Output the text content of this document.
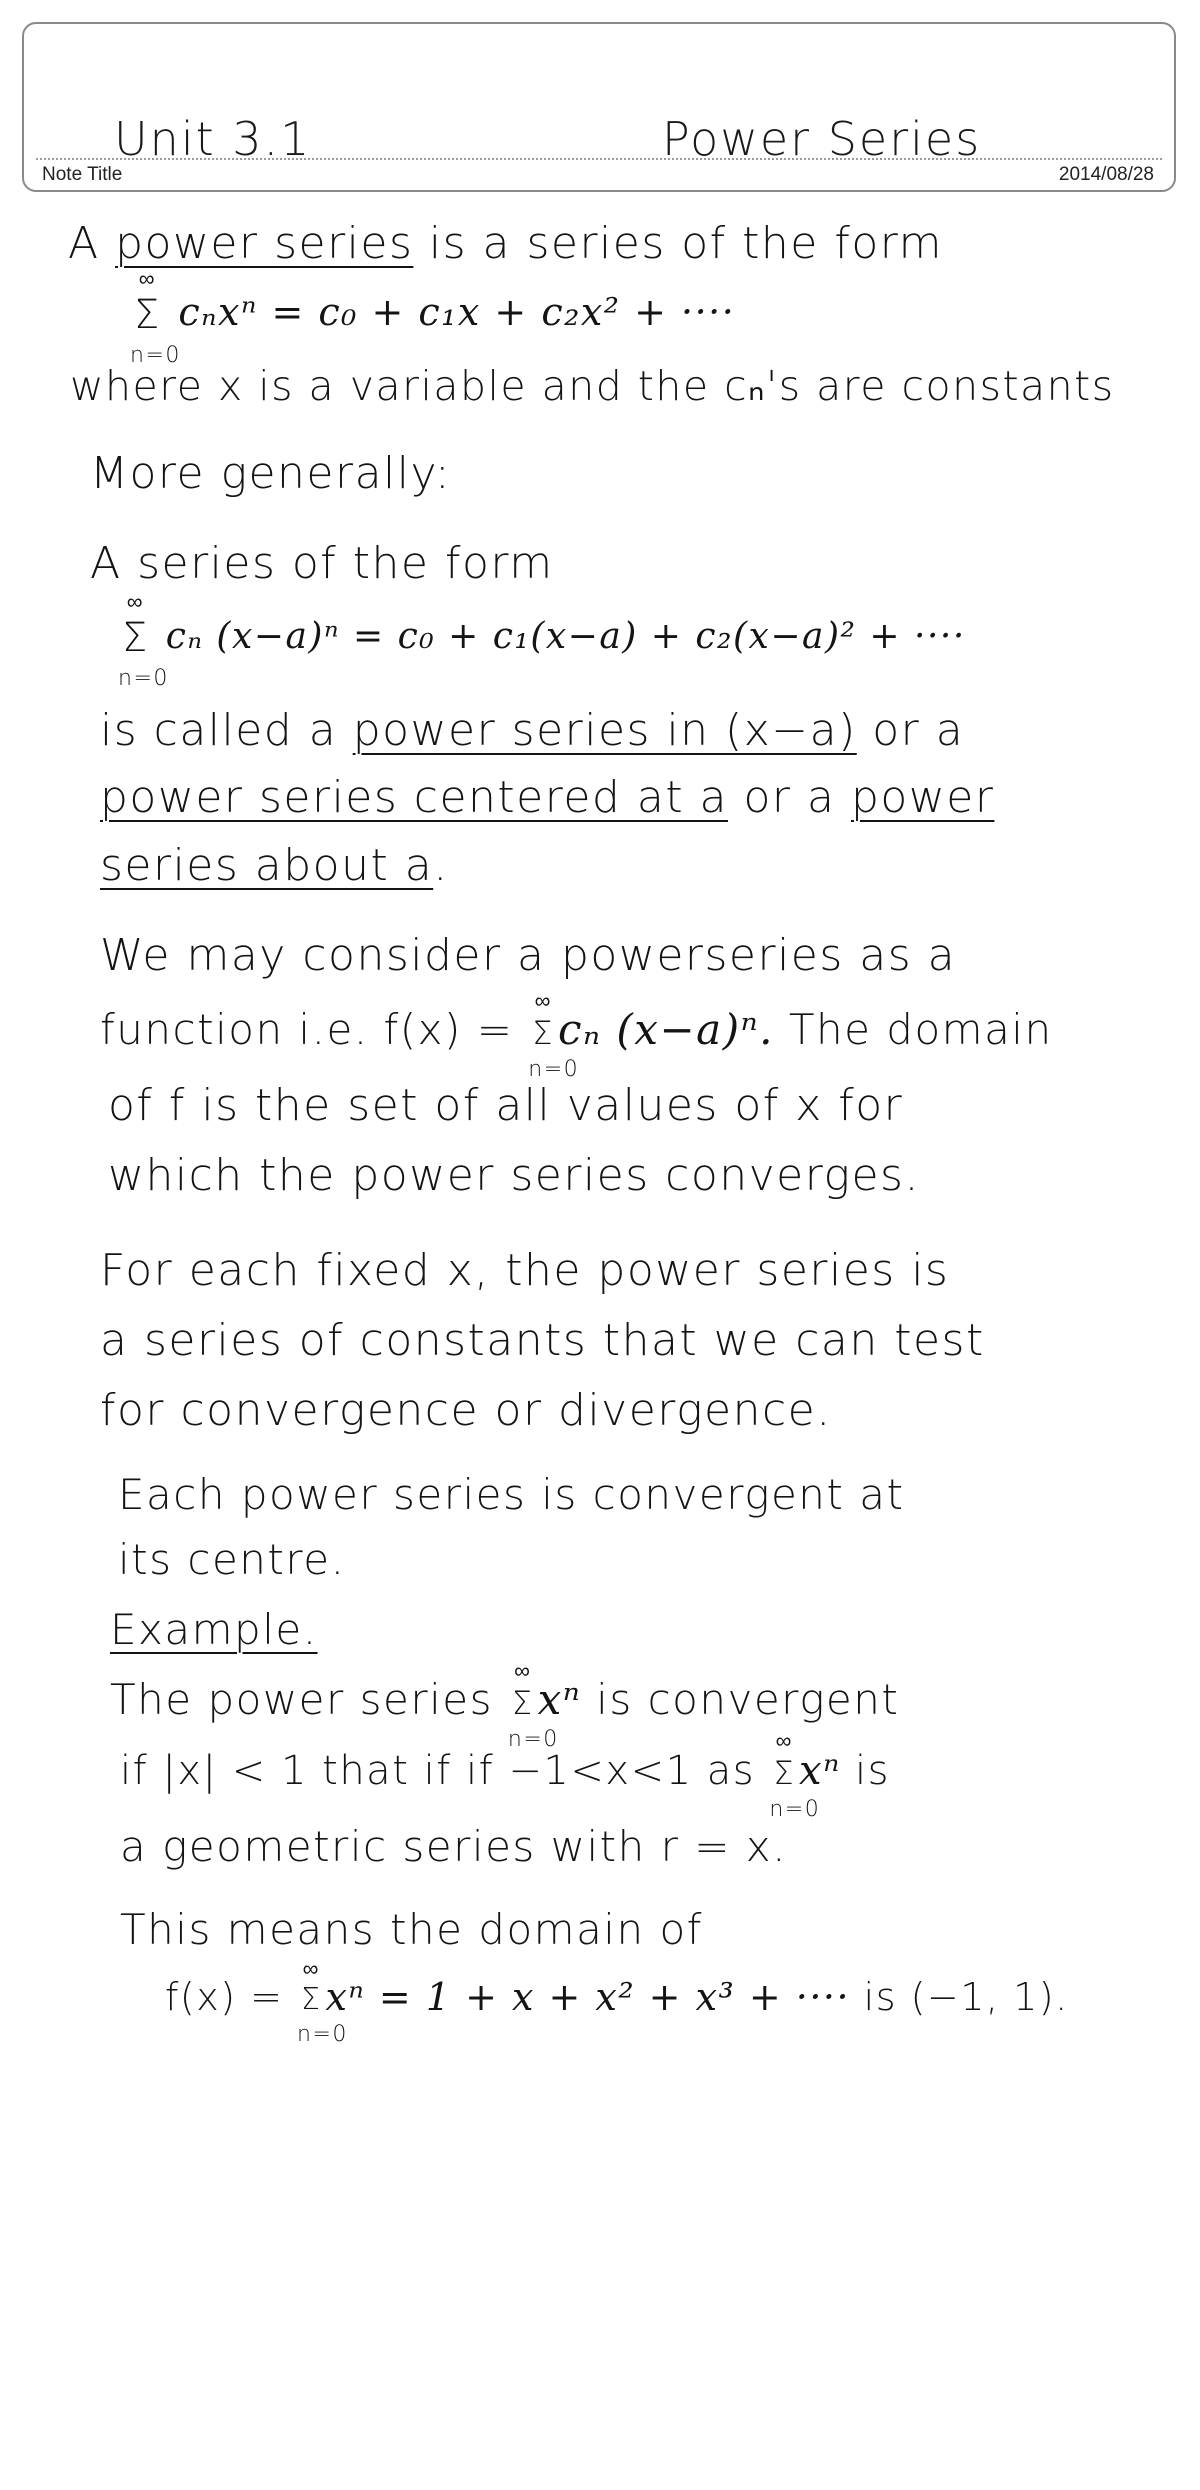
Unit 3.1	Power Series
Note Title	2014/08/28
A power series is a series of the form
∞
Σ
n=0
cₙxⁿ = c₀ + c₁x + c₂x² + ····
where x is a variable and the cₙ's are constants
More generally:
A series of the form
∞
Σ
n=0
cₙ (x−a)ⁿ = c₀ + c₁(x−a) + c₂(x−a)² + ····
is called a power series in (x−a) or a
power series centered at a or a power
series about a.
We may consider a powerseries as a
function i.e. f(x) =
∞
Σ
n=0
cₙ (x−a)ⁿ. The domain
of f is the set of all values of x for
which the power series converges.
For each fixed x, the power series is
a series of constants that we can test
for convergence or divergence.
Each power series is convergent at
its centre.
Example.
The power series
∞
Σ
n=0
xⁿ is convergent
if |x| < 1 that if if −1<x<1 as
∞
Σ
n=0
xⁿ is
a geometric series with r = x.
This means the domain of
f(x) =
∞
Σ
n=0
xⁿ = 1 + x + x² + x³ + ···· is (−1, 1).
